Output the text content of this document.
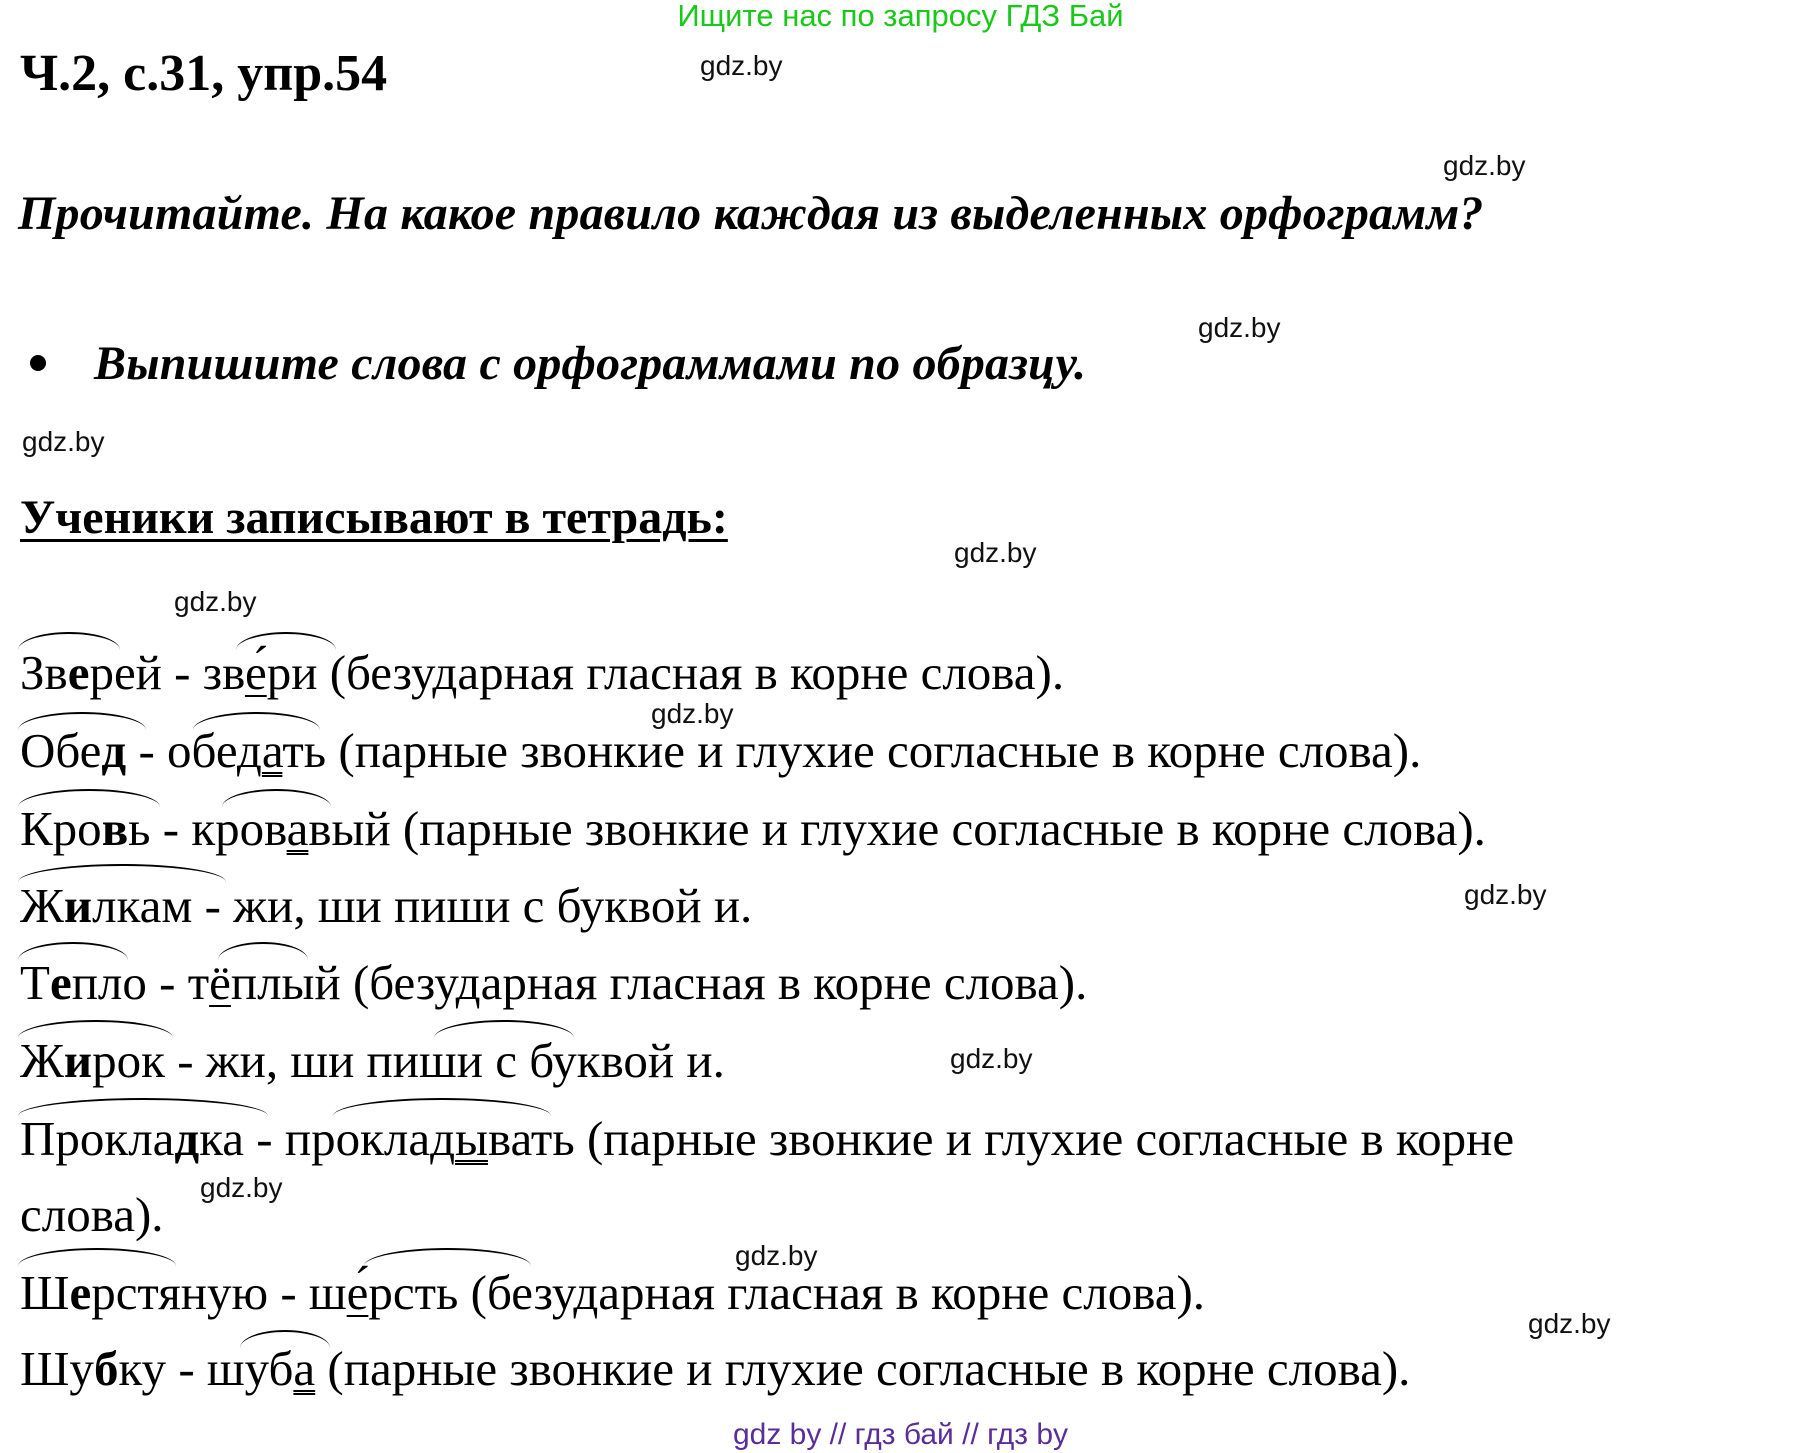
Ищите нас по запросу ГДЗ Бай
Ч.2, с.31, упр.54
Прочитайте. На какое правило каждая из выделенных орфограмм?
Выпишите слова с орфограммами по образцу.
Ученики записывают в тетрадь:
gdz.by
gdz.by
gdz.by
gdz.by
gdz.by
gdz.by
gdz.by
gdz.by
gdz.by
gdz.by
gdz.by
gdz.by
Зверей - зве́ри (безударная гласная в корне слова).
Обед - обедать (парные звонкие и глухие согласные в корне слова).
Кровь - кровавый (парные звонкие и глухие согласные в корне слова).
Жилкам - жи, ши пиши с буквой и.
Тепло - тёплый (безударная гласная в корне слова).
Жирок - жи, ши пиши с буквой и.
Прокладка - прокладывать (парные звонкие и глухие согласные в корне
слова).
Шерстяную - ше́рсть (безударная гласная в корне слова).
Шубку - шуба (парные звонкие и глухие согласные в корне слова).
gdz by // гдз бай // гдз by
